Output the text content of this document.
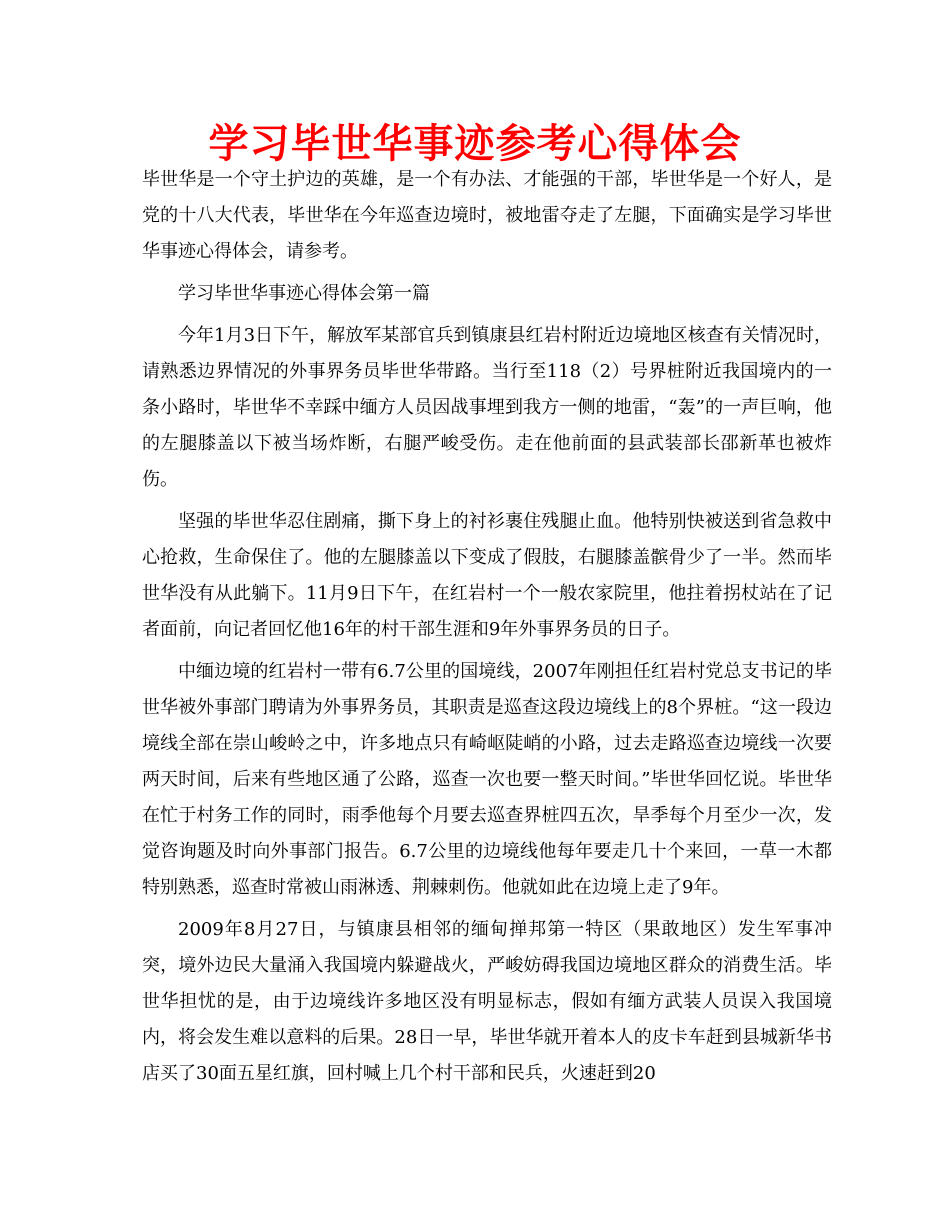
学习毕世华事迹参考心得体会

毕世华是一个守土护边的英雄，是一个有办法、才能强的干部，毕世华是一个好人，是党的十八大代表，毕世华在今年巡查边境时，被地雷夺走了左腿，下面确实是学习毕世华事迹心得体会，请参考。

学习毕世华事迹心得体会第一篇

今年1月3日下午，解放军某部官兵到镇康县红岩村附近边境地区核查有关情况时，请熟悉边界情况的外事界务员毕世华带路。当行至118（2）号界桩附近我国境内的一条小路时，毕世华不幸踩中缅方人员因战事埋到我方一侧的地雷，“轰”的一声巨响，他的左腿膝盖以下被当场炸断，右腿严峻受伤。走在他前面的县武装部长邵新革也被炸伤。

坚强的毕世华忍住剧痛，撕下身上的衬衫裹住残腿止血。他特别快被送到省急救中心抢救，生命保住了。他的左腿膝盖以下变成了假肢，右腿膝盖髌骨少了一半。然而毕世华没有从此躺下。11月9日下午，在红岩村一个一般农家院里，他拄着拐杖站在了记者面前，向记者回忆他16年的村干部生涯和9年外事界务员的日子。

中缅边境的红岩村一带有6.7公里的国境线，2007年刚担任红岩村党总支书记的毕世华被外事部门聘请为外事界务员，其职责是巡查这段边境线上的8个界桩。“这一段边境线全部在崇山峻岭之中，许多地点只有崎岖陡峭的小路，过去走路巡查边境线一次要两天时间，后来有些地区通了公路，巡查一次也要一整天时间。”毕世华回忆说。毕世华在忙于村务工作的同时，雨季他每个月要去巡查界桩四五次，旱季每个月至少一次，发觉咨询题及时向外事部门报告。6.7公里的边境线他每年要走几十个来回，一草一木都特别熟悉，巡查时常被山雨淋透、荆棘刺伤。他就如此在边境上走了9年。

2009年8月27日，与镇康县相邻的缅甸掸邦第一特区（果敢地区）发生军事冲突，境外边民大量涌入我国境内躲避战火，严峻妨碍我国边境地区群众的消费生活。毕世华担忧的是，由于边境线许多地区没有明显标志，假如有缅方武装人员误入我国境内，将会发生难以意料的后果。28日一早，毕世华就开着本人的皮卡车赶到县城新华书店买了30面五星红旗，回村喊上几个村干部和民兵，火速赶到20
